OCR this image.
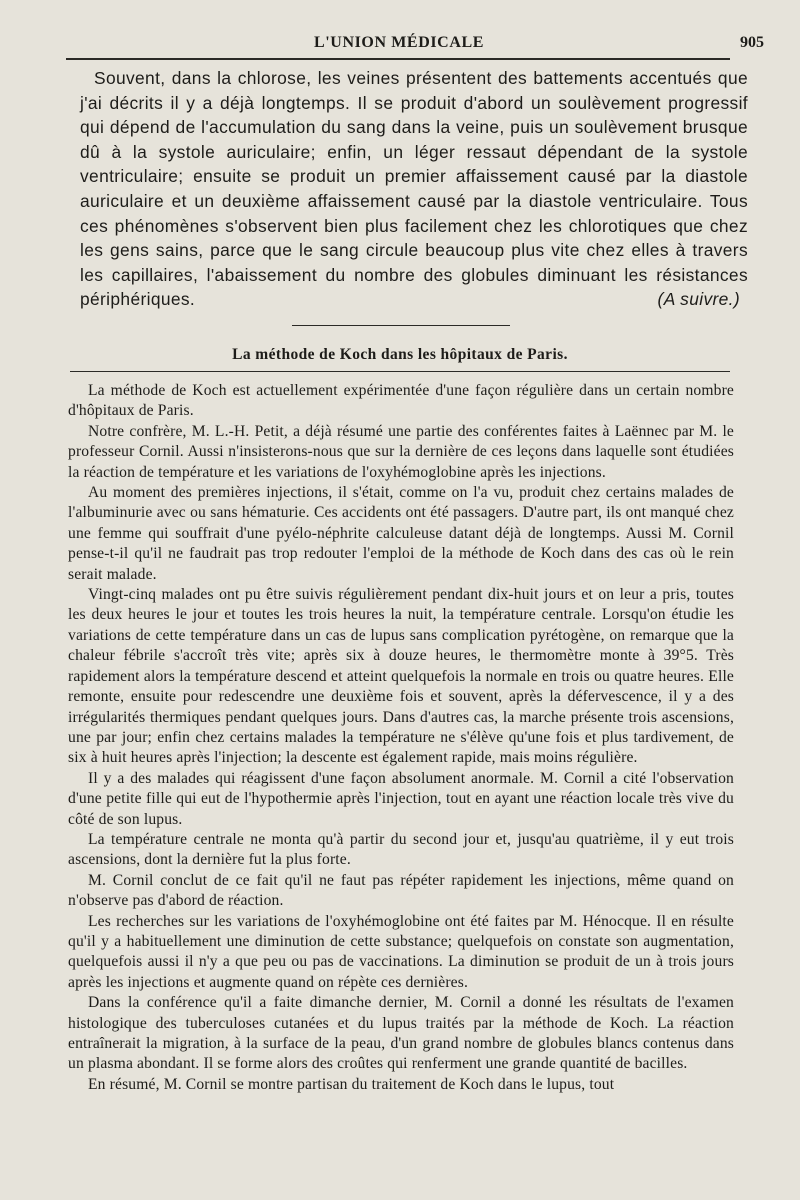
L'UNION MÉDICALE	905

Souvent, dans la chlorose, les veines présentent des battements accentués que j'ai décrits il y a déjà longtemps. Il se produit d'abord un soulèvement progressif qui dépend de l'accumulation du sang dans la veine, puis un soulèvement brusque dû à la systole auriculaire; enfin, un léger ressaut dépendant de la systole ventriculaire; ensuite se produit un premier affaissement causé par la diastole auriculaire et un deuxième affaissement causé par la diastole ventriculaire. Tous ces phénomènes s'observent bien plus facilement chez les chlorotiques que chez les gens sains, parce que le sang circule beaucoup plus vite chez elles à travers les capillaires, l'abaissement du nombre des globules diminuant les résistances périphériques.	(A suivre.)
La méthode de Koch dans les hôpitaux de Paris.

La méthode de Koch est actuellement expérimentée d'une façon régulière dans un certain nombre d'hôpitaux de Paris.

Notre confrère, M. L.-H. Petit, a déjà résumé une partie des conférentes faites à Laënnec par M. le professeur Cornil. Aussi n'insisterons-nous que sur la dernière de ces leçons dans laquelle sont étudiées la réaction de température et les variations de l'oxyhémoglobine après les injections.

Au moment des premières injections, il s'était, comme on l'a vu, produit chez certains malades de l'albuminurie avec ou sans hématurie. Ces accidents ont été passagers. D'autre part, ils ont manqué chez une femme qui souffrait d'une pyélo-néphrite calculeuse datant déjà de longtemps. Aussi M. Cornil pense-t-il qu'il ne faudrait pas trop redouter l'emploi de la méthode de Koch dans des cas où le rein serait malade.

Vingt-cinq malades ont pu être suivis régulièrement pendant dix-huit jours et on leur a pris, toutes les deux heures le jour et toutes les trois heures la nuit, la température centrale. Lorsqu'on étudie les variations de cette température dans un cas de lupus sans complication pyrétogène, on remarque que la chaleur fébrile s'accroît très vite; après six à douze heures, le thermomètre monte à 39°5. Très rapidement alors la température descend et atteint quelquefois la normale en trois ou quatre heures. Elle remonte, ensuite pour redescendre une deuxième fois et souvent, après la défervescence, il y a des irrégularités thermiques pendant quelques jours. Dans d'autres cas, la marche présente trois ascensions, une par jour; enfin chez certains malades la température ne s'élève qu'une fois et plus tardivement, de six à huit heures après l'injection; la descente est également rapide, mais moins régulière.

Il y a des malades qui réagissent d'une façon absolument anormale. M. Cornil a cité l'observation d'une petite fille qui eut de l'hypothermie après l'injection, tout en ayant une réaction locale très vive du côté de son lupus.

La température centrale ne monta qu'à partir du second jour et, jusqu'au quatrième, il y eut trois ascensions, dont la dernière fut la plus forte.

M. Cornil conclut de ce fait qu'il ne faut pas répéter rapidement les injections, même quand on n'observe pas d'abord de réaction.

Les recherches sur les variations de l'oxyhémoglobine ont été faites par M. Hénocque. Il en résulte qu'il y a habituellement une diminution de cette substance; quelquefois on constate son augmentation, quelquefois aussi il n'y a que peu ou pas de vaccinations. La diminution se produit de un à trois jours après les injections et augmente quand on répète ces dernières.

Dans la conférence qu'il a faite dimanche dernier, M. Cornil a donné les résultats de l'examen histologique des tuberculoses cutanées et du lupus traités par la méthode de Koch. La réaction entraînerait la migration, à la surface de la peau, d'un grand nombre de globules blancs contenus dans un plasma abondant. Il se forme alors des croûtes qui renferment une grande quantité de bacilles.

En résumé, M. Cornil se montre partisan du traitement de Koch dans le lupus, tout
